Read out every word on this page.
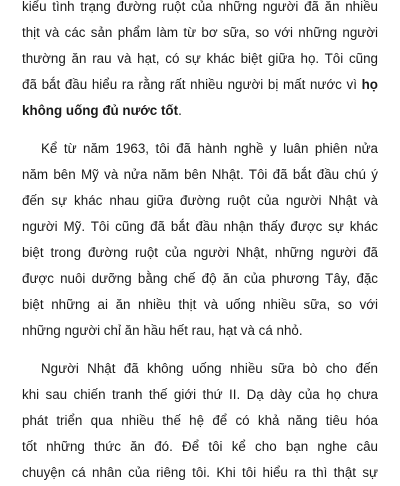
kiểu tình trạng đường ruột của những người đã ăn nhiều
thịt và các sản phẩm làm từ bơ sữa, so với những người
thường ăn rau và hạt, có sự khác biệt giữa họ. Tôi cũng
đã bắt đầu hiểu ra rằng rất nhiều người bị mất nước vì họ
không uống đủ nước tốt.
Kể từ năm 1963, tôi đã hành nghề y luân phiên nửa
năm bên Mỹ và nửa năm bên Nhật. Tôi đã bắt đầu chú ý
đến sự khác nhau giữa đường ruột của người Nhật và
người Mỹ. Tôi cũng đã bắt đầu nhận thấy được sự khác
biệt trong đường ruột của người Nhật, những người đã
được nuôi dưỡng bằng chế độ ăn của phương Tây, đặc
biệt những ai ăn nhiều thịt và uống nhiều sữa, so với
những người chỉ ăn hầu hết rau, hạt và cá nhỏ.
Người Nhật đã không uống nhiều sữa bò cho đến
khi sau chiến tranh thế giới thứ II. Dạ dày của họ chưa
phát triển qua nhiều thế hệ để có khả năng tiêu hóa
tốt những thức ăn đó. Để tôi kể cho bạn nghe câu
chuyện cá nhân của riêng tôi. Khi tôi hiểu ra thì thật sự
